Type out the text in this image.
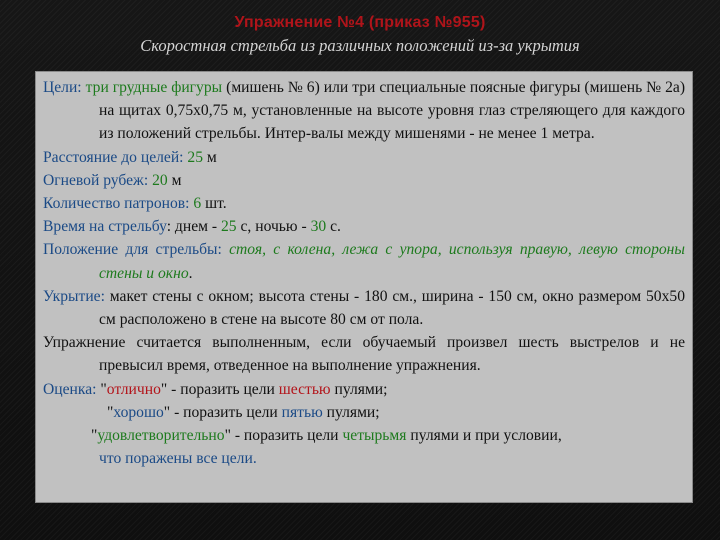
Упражнение №4 (приказ №955)
Скоростная стрельба из различных положений из-за укрытия

Цели: три грудные фигуры (мишень № 6) или три специальные поясные фигуры (мишень № 2а) на щитах 0,75х0,75 м, установленные на высоте уровня глаз стреляющего для каждого из положений стрельбы. Интер-валы между мишенями - не менее 1 метра.

Расстояние до целей: 25 м

Огневой рубеж: 20 м

Количество патронов: 6 шт.

Время на стрельбу: днем - 25 с, ночью - 30 с.

Положение для стрельбы: стоя, с колена, лежа с упора, используя правую, левую стороны стены и окно.

Укрытие: макет стены с окном; высота стены - 180 см., ширина - 150 см, окно размером 50х50 см расположено в стене на высоте 80 см от пола.

Упражнение считается выполненным, если обучаемый произвел шесть выстрелов и не превысил время, отведенное на выполнение упражнения.

Оценка: "отлично" - поразить цели шестью пулями;

"хорошо" - поразить цели пятью пулями;

"удовлетворительно" - поразить цели четырьмя пулями и при условии,
что поражены все цели.
